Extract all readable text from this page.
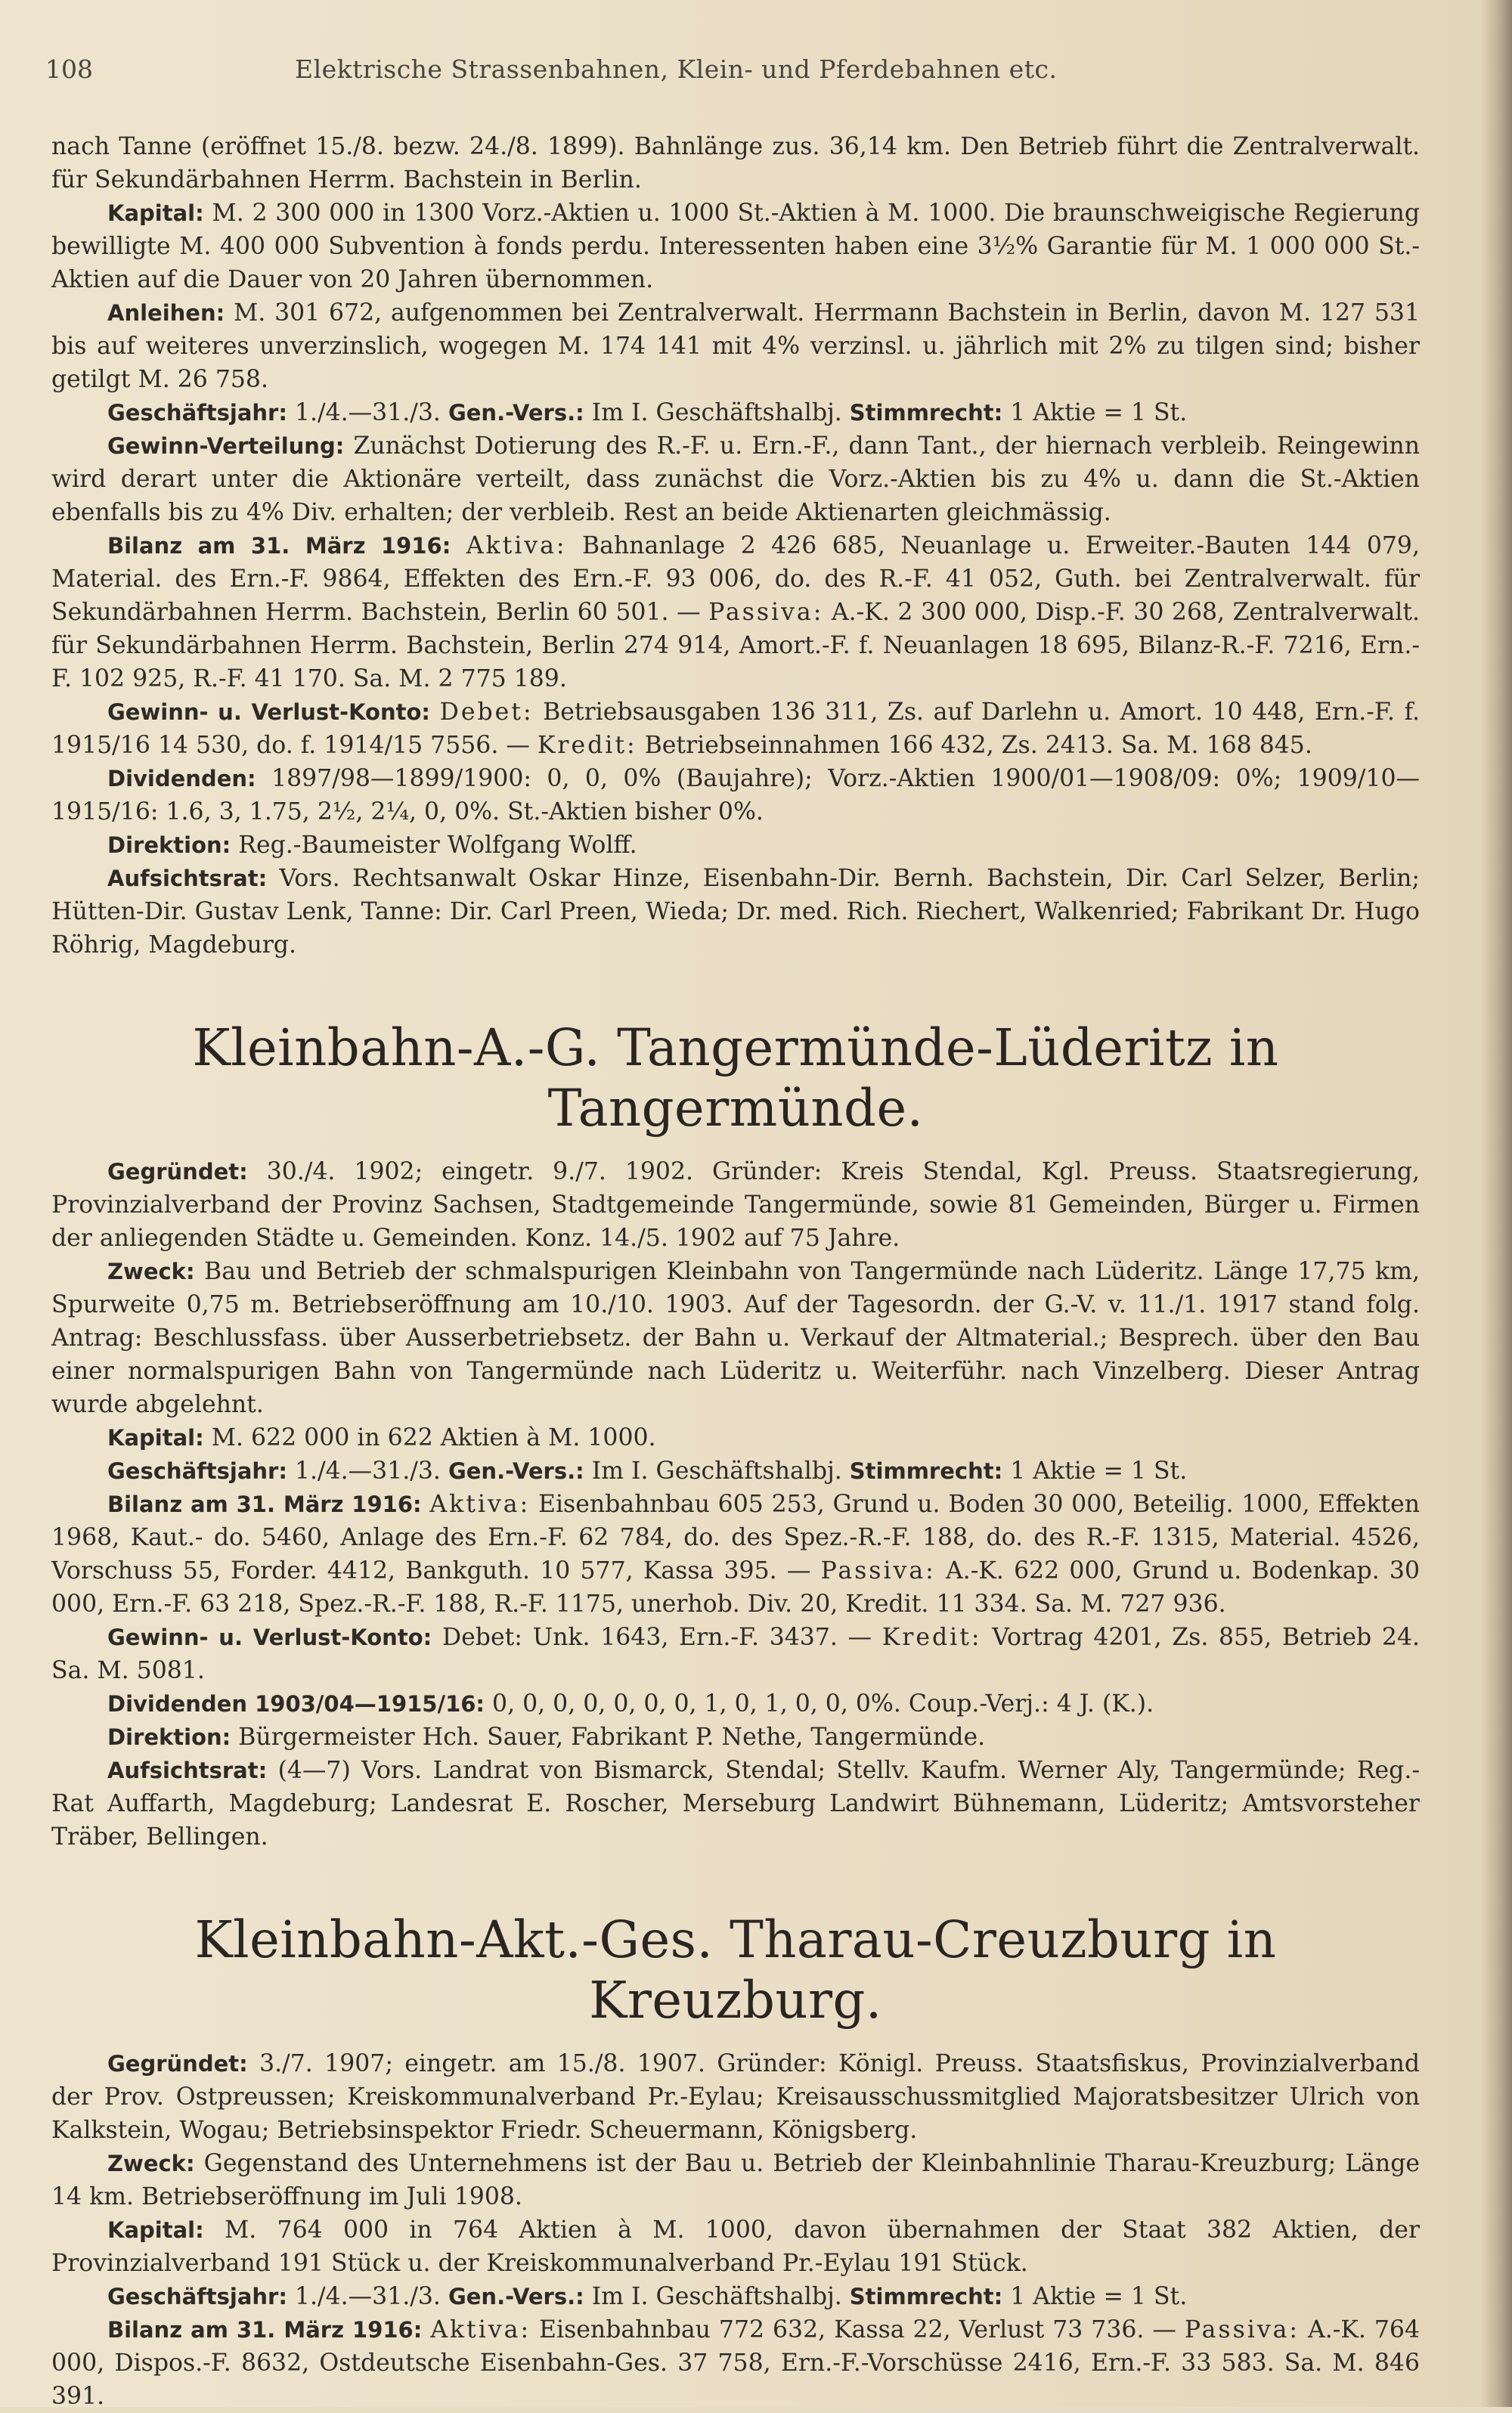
108	Elektrische Strassenbahnen, Klein- und Pferdebahnen etc.

nach Tanne (eröffnet 15./8. bezw. 24./8. 1899). Bahnlänge zus. 36,14 km. Den Betrieb führt die Zentralverwalt. für Sekundärbahnen Herrm. Bachstein in Berlin.

Kapital: M. 2 300 000 in 1300 Vorz.-Aktien u. 1000 St.-Aktien à M. 1000. Die braunschweigische Regierung bewilligte M. 400 000 Subvention à fonds perdu. Interessenten haben eine 3½% Garantie für M. 1 000 000 St.-Aktien auf die Dauer von 20 Jahren übernommen.

Anleihen: M. 301 672, aufgenommen bei Zentralverwalt. Herrmann Bachstein in Berlin, davon M. 127 531 bis auf weiteres unverzinslich, wogegen M. 174 141 mit 4% verzinsl. u. jährlich mit 2% zu tilgen sind; bisher getilgt M. 26 758.

Geschäftsjahr: 1./4.—31./3. Gen.-Vers.: Im I. Geschäftshalbj. Stimmrecht: 1 Aktie = 1 St.

Gewinn-Verteilung: Zunächst Dotierung des R.-F. u. Ern.-F., dann Tant., der hiernach verbleib. Reingewinn wird derart unter die Aktionäre verteilt, dass zunächst die Vorz.-Aktien bis zu 4% u. dann die St.-Aktien ebenfalls bis zu 4% Div. erhalten; der verbleib. Rest an beide Aktienarten gleichmässig.

Bilanz am 31. März 1916: Aktiva: Bahnanlage 2 426 685, Neuanlage u. Erweiter.-Bauten 144 079, Material. des Ern.-F. 9864, Effekten des Ern.-F. 93 006, do. des R.-F. 41 052, Guth. bei Zentralverwalt. für Sekundärbahnen Herrm. Bachstein, Berlin 60 501. — Passiva: A.-K. 2 300 000, Disp.-F. 30 268, Zentralverwalt. für Sekundärbahnen Herrm. Bachstein, Berlin 274 914, Amort.-F. f. Neuanlagen 18 695, Bilanz-R.-F. 7216, Ern.-F. 102 925, R.-F. 41 170. Sa. M. 2 775 189.

Gewinn- u. Verlust-Konto: Debet: Betriebsausgaben 136 311, Zs. auf Darlehn u. Amort. 10 448, Ern.-F. f. 1915/16 14 530, do. f. 1914/15 7556. — Kredit: Betriebseinnahmen 166 432, Zs. 2413. Sa. M. 168 845.

Dividenden: 1897/98—1899/1900: 0, 0, 0% (Baujahre); Vorz.-Aktien 1900/01—1908/09: 0%; 1909/10—1915/16: 1.6, 3, 1.75, 2½, 2¼, 0, 0%. St.-Aktien bisher 0%.

Direktion: Reg.-Baumeister Wolfgang Wolff.

Aufsichtsrat: Vors. Rechtsanwalt Oskar Hinze, Eisenbahn-Dir. Bernh. Bachstein, Dir. Carl Selzer, Berlin; Hütten-Dir. Gustav Lenk, Tanne: Dir. Carl Preen, Wieda; Dr. med. Rich. Riechert, Walkenried; Fabrikant Dr. Hugo Röhrig, Magdeburg.

Kleinbahn-A.-G. Tangermünde-Lüderitz in Tangermünde.

Gegründet: 30./4. 1902; eingetr. 9./7. 1902. Gründer: Kreis Stendal, Kgl. Preuss. Staatsregierung, Provinzialverband der Provinz Sachsen, Stadtgemeinde Tangermünde, sowie 81 Gemeinden, Bürger u. Firmen der anliegenden Städte u. Gemeinden. Konz. 14./5. 1902 auf 75 Jahre.

Zweck: Bau und Betrieb der schmalspurigen Kleinbahn von Tangermünde nach Lüderitz. Länge 17,75 km, Spurweite 0,75 m. Betriebseröffnung am 10./10. 1903. Auf der Tagesordn. der G.-V. v. 11./1. 1917 stand folg. Antrag: Beschlussfass. über Ausserbetriebsetz. der Bahn u. Verkauf der Altmaterial.; Besprech. über den Bau einer normalspurigen Bahn von Tangermünde nach Lüderitz u. Weiterführ. nach Vinzelberg. Dieser Antrag wurde abgelehnt.

Kapital: M. 622 000 in 622 Aktien à M. 1000.

Geschäftsjahr: 1./4.—31./3. Gen.-Vers.: Im I. Geschäftshalbj. Stimmrecht: 1 Aktie = 1 St.

Bilanz am 31. März 1916: Aktiva: Eisenbahnbau 605 253, Grund u. Boden 30 000, Beteilig. 1000, Effekten 1968, Kaut.- do. 5460, Anlage des Ern.-F. 62 784, do. des Spez.-R.-F. 188, do. des R.-F. 1315, Material. 4526, Vorschuss 55, Forder. 4412, Bankguth. 10 577, Kassa 395. — Passiva: A.-K. 622 000, Grund u. Bodenkap. 30 000, Ern.-F. 63 218, Spez.-R.-F. 188, R.-F. 1175, unerhob. Div. 20, Kredit. 11 334. Sa. M. 727 936.

Gewinn- u. Verlust-Konto: Debet: Unk. 1643, Ern.-F. 3437. — Kredit: Vortrag 4201, Zs. 855, Betrieb 24. Sa. M. 5081.

Dividenden 1903/04—1915/16: 0, 0, 0, 0, 0, 0, 0, 1, 0, 1, 0, 0, 0%. Coup.-Verj.: 4 J. (K.).

Direktion: Bürgermeister Hch. Sauer, Fabrikant P. Nethe, Tangermünde.

Aufsichtsrat: (4—7) Vors. Landrat von Bismarck, Stendal; Stellv. Kaufm. Werner Aly, Tangermünde; Reg.-Rat Auffarth, Magdeburg; Landesrat E. Roscher, Merseburg Landwirt Bühnemann, Lüderitz; Amtsvorsteher Träber, Bellingen.

Kleinbahn-Akt.-Ges. Tharau-Creuzburg in Kreuzburg.

Gegründet: 3./7. 1907; eingetr. am 15./8. 1907. Gründer: Königl. Preuss. Staatsfiskus, Provinzialverband der Prov. Ostpreussen; Kreiskommunalverband Pr.-Eylau; Kreisausschussmitglied Majoratsbesitzer Ulrich von Kalkstein, Wogau; Betriebsinspektor Friedr. Scheuermann, Königsberg.

Zweck: Gegenstand des Unternehmens ist der Bau u. Betrieb der Kleinbahnlinie Tharau-Kreuzburg; Länge 14 km. Betriebseröffnung im Juli 1908.

Kapital: M. 764 000 in 764 Aktien à M. 1000, davon übernahmen der Staat 382 Aktien, der Provinzialverband 191 Stück u. der Kreiskommunalverband Pr.-Eylau 191 Stück.

Geschäftsjahr: 1./4.—31./3. Gen.-Vers.: Im I. Geschäftshalbj. Stimmrecht: 1 Aktie = 1 St.

Bilanz am 31. März 1916: Aktiva: Eisenbahnbau 772 632, Kassa 22, Verlust 73 736. — Passiva: A.-K. 764 000, Dispos.-F. 8632, Ostdeutsche Eisenbahn-Ges. 37 758, Ern.-F.-Vorschüsse 2416, Ern.-F. 33 583. Sa. M. 846 391.
